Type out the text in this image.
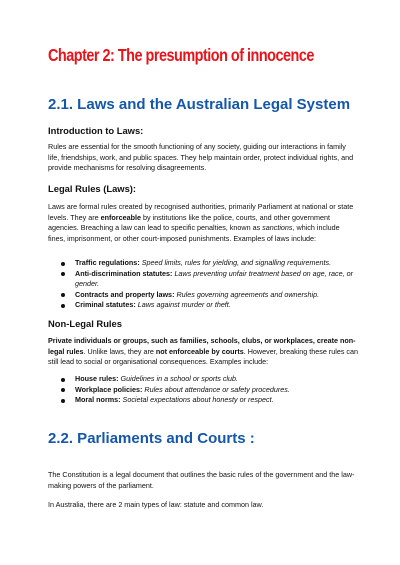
Chapter 2: The presumption of innocence
2.1. Laws and the Australian Legal System
Introduction to Laws:

Rules are essential for the smooth functioning of any society, guiding our interactions in family life, friendships, work, and public spaces. They help maintain order, protect individual rights, and provide mechanisms for resolving disagreements.

Legal Rules (Laws):

Laws are formal rules created by recognised authorities, primarily Parliament at national or state levels. They are enforceable by institutions like the police, courts, and other government agencies. Breaching a law can lead to specific penalties, known as sanctions, which include fines, imprisonment, or other court-imposed punishments. Examples of laws include:

Traffic regulations: Speed limits, rules for yielding, and signalling requirements.
Anti-discrimination statutes: Laws preventing unfair treatment based on age, race, or gender.
Contracts and property laws: Rules governing agreements and ownership.
Criminal statutes: Laws against murder or theft.
Non-Legal Rules

Private individuals or groups, such as families, schools, clubs, or workplaces, create non-legal rules. Unlike laws, they are not enforceable by courts. However, breaking these rules can still lead to social or organisational consequences. Examples include:

House rules: Guidelines in a school or sports club.
Workplace policies: Rules about attendance or safety procedures.
Moral norms: Societal expectations about honesty or respect.
2.2. Parliaments and Courts :

The Constitution is a legal document that outlines the basic rules of the government and the law-making powers of the parliament.

In Australia, there are 2 main types of law: statute and common law.
